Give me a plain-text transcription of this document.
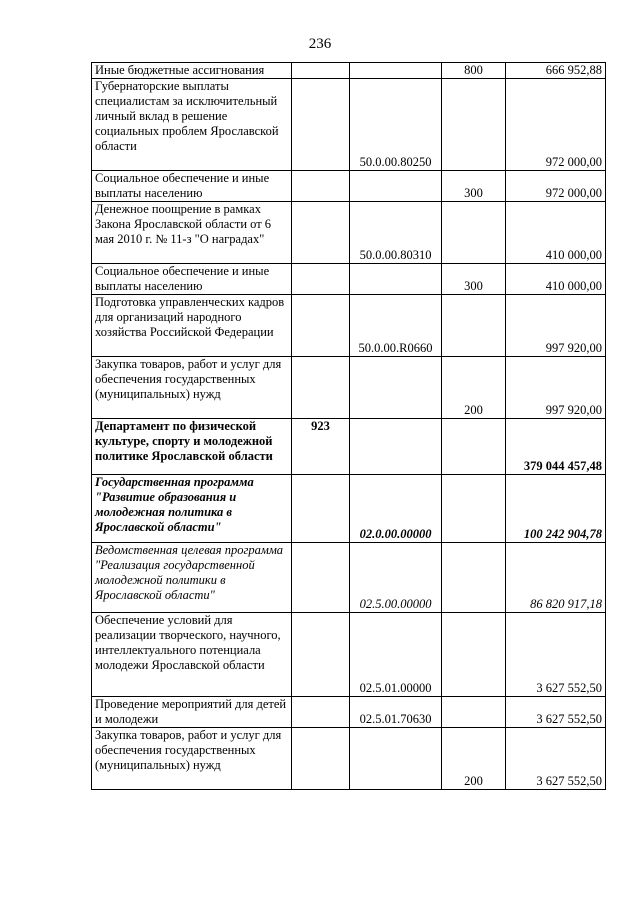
236
Иные бюджетные ассигнования			800	666 952,88
Губернаторские выплаты специалистам за исключительный личный вклад в решение социальных проблем Ярославской области		50.0.00.80250		972 000,00
Социальное обеспечение и иные выплаты населению			300	972 000,00
Денежное поощрение в рамках Закона Ярославской области от 6 мая 2010 г. № 11-з "О наградах"		50.0.00.80310		410 000,00
Социальное обеспечение и иные выплаты населению			300	410 000,00
Подготовка управленческих кадров для организаций народного хозяйства Российской Федерации		50.0.00.R0660		997 920,00
Закупка товаров, работ и услуг для обеспечения государственных (муниципальных) нужд			200	997 920,00
Департамент по физической культуре, спорту и молодежной политике Ярославской области	923			379 044 457,48
Государственная программа "Развитие образования и молодежная политика в Ярославской области"		02.0.00.00000		100 242 904,78
Ведомственная целевая программа "Реализация государственной молодежной политики в Ярославской области"		02.5.00.00000		86 820 917,18
Обеспечение условий для реализации творческого, научного, интеллектуального потенциала молодежи Ярославской области		02.5.01.00000		3 627 552,50
Проведение мероприятий для детей и молодежи		02.5.01.70630		3 627 552,50
Закупка товаров, работ и услуг для обеспечения государственных (муниципальных) нужд			200	3 627 552,50
